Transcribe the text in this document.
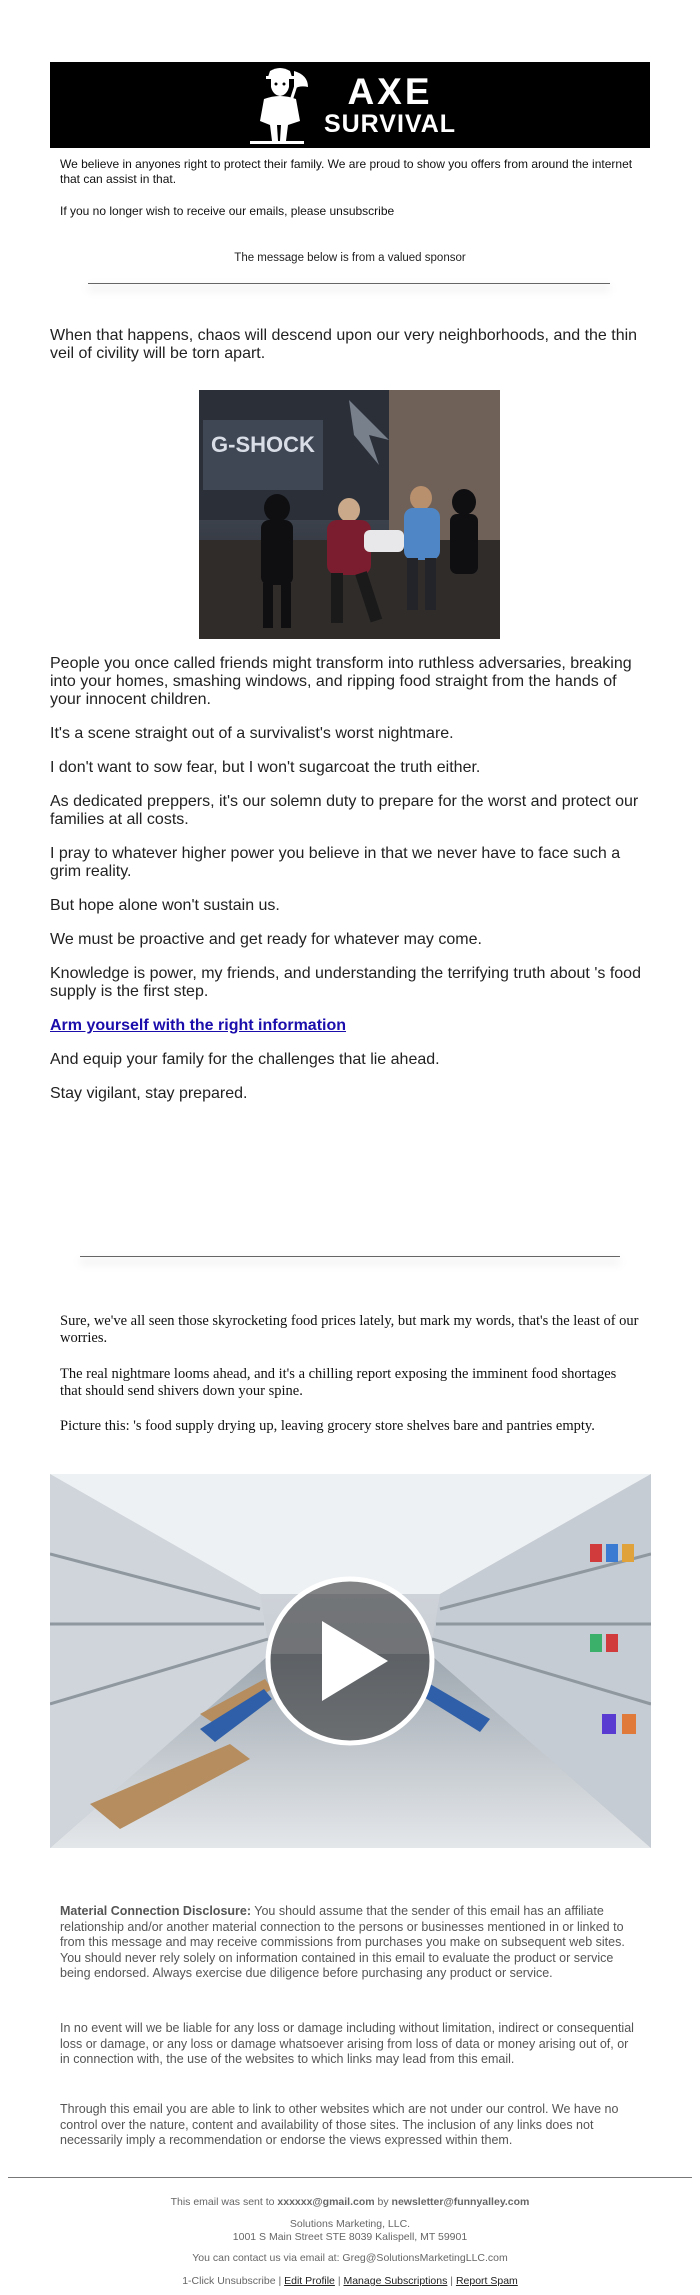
AXE
SURVIVAL
We believe in anyones right to protect their family. We are proud to show you offers from around the internet that can assist in that.
If you no longer wish to receive our emails, please unsubscribe
The message below is from a valued sponsor

When that happens, chaos will descend upon our very neighborhoods, and the thin veil of civility will be torn apart.

G-SHOCK

People you once called friends might transform into ruthless adversaries, breaking into your homes, smashing windows, and ripping food straight from the hands of your innocent children.

It's a scene straight out of a survivalist's worst nightmare.

I don't want to sow fear, but I won't sugarcoat the truth either.

As dedicated preppers, it's our solemn duty to prepare for the worst and protect our families at all costs.

I pray to whatever higher power you believe in that we never have to face such a grim reality.

But hope alone won't sustain us.

We must be proactive and get ready for whatever may come.

Knowledge is power, my friends, and understanding the terrifying truth about 's food supply is the first step.

Arm yourself with the right information

And equip your family for the challenges that lie ahead.

Stay vigilant, stay prepared.

Sure, we've all seen those skyrocketing food prices lately, but mark my words, that's the least of our worries.

The real nightmare looms ahead, and it's a chilling report exposing the imminent food shortages that should send shivers down your spine.

Picture this: 's food supply drying up, leaving grocery store shelves bare and pantries empty.

Material Connection Disclosure: You should assume that the sender of this email has an affiliate relationship and/or another material connection to the persons or businesses mentioned in or linked to from this message and may receive commissions from purchases you make on subsequent web sites. You should never rely solely on information contained in this email to evaluate the product or service being endorsed. Always exercise due diligence before purchasing any product or service.

In no event will we be liable for any loss or damage including without limitation, indirect or consequential loss or damage, or any loss or damage whatsoever arising from loss of data or money arising out of, or in connection with, the use of the websites to which links may lead from this email.

Through this email you are able to link to other websites which are not under our control. We have no control over the nature, content and availability of those sites. The inclusion of any links does not necessarily imply a recommendation or endorse the views expressed within them.

This email was sent to xxxxxx@gmail.com by newsletter@funnyalley.com
Solutions Marketing, LLC.
1001 S Main Street STE 8039 Kalispell, MT 59901
You can contact us via email at: Greg@SolutionsMarketingLLC.com
1-Click Unsubscribe | Edit Profile | Manage Subscriptions | Report Spam
